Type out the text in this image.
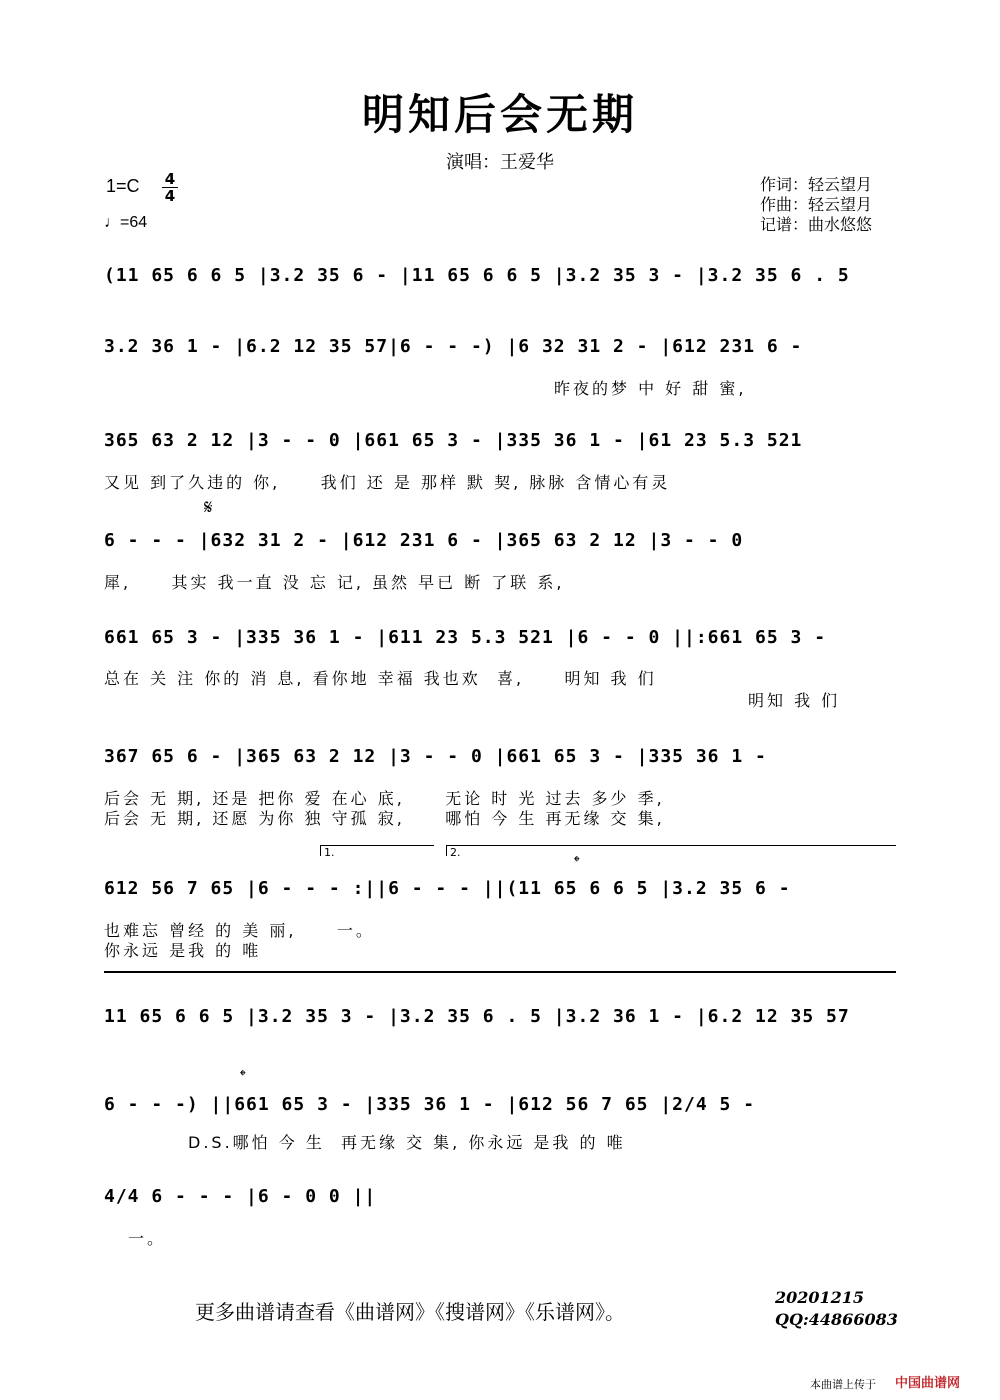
明知后会无期
演唱：王爱华
1=C 4
4
♩=64
作词：轻云望月
作曲：轻云望月
记谱：曲水悠悠
(11 65 6 6 5 |3.2 35 6 - |11 65 6 6 5 |3.2 35 3 - |3.2 35 6 . 5
3.2 36 1 - |6.2 12 35 57|6 - - -) |6 32 31 2 - |612 231 6 -
昨夜的梦 中 好 甜 蜜,
365 63 2 12 |3 - - 0 |661 65 3 - |335 36 1 - |61 23 5.3 521
又见 到了久违的 你,     我们 还 是 那样 默 契, 脉脉 含情心有灵
𝄋
6 - - - |632 31 2 - |612 231 6 - |365 63 2 12 |3 - - 0
犀,     其实 我一直 没 忘 记, 虽然 早已 断 了联 系,
661 65 3 - |335 36 1 - |611 23 5.3 521 |6 - - 0 ||:661 65 3 -
总在 关 注 你的 消 息, 看你地 幸福 我也欢  喜,     明知 我 们
明知 我 们
367 65 6 - |365 63 2 12 |3 - - 0 |661 65 3 - |335 36 1 -
后会 无 期, 还是 把你 爱 在心 底,     无论 时 光 过去 多少 季,
后会 无 期, 还愿 为你 独 守孤 寂,     哪怕 今 生 再无缘 交 集,
1.	2.	𝄌
612 56 7 65 |6 - - - :||6 - - - ||(11 65 6 6 5 |3.2 35 6 -
也难忘 曾经 的 美 丽,     一。
你永远 是我 的 唯
11 65 6 6 5 |3.2 35 3 - |3.2 35 6 . 5 |3.2 36 1 - |6.2 12 35 57
𝄌
6 - - -) ||661 65 3 - |335 36 1 - |612 56 7 65 |2/4 5 -
D.S.哪怕 今 生  再无缘 交 集, 你永远 是我 的 唯
4/4 6 - - - |6 - 0 0 ||
一。
更多曲谱请查看《曲谱网》《搜谱网》《乐谱网》。
20201215
QQ:44866083
本曲谱上传于 中国曲谱网
